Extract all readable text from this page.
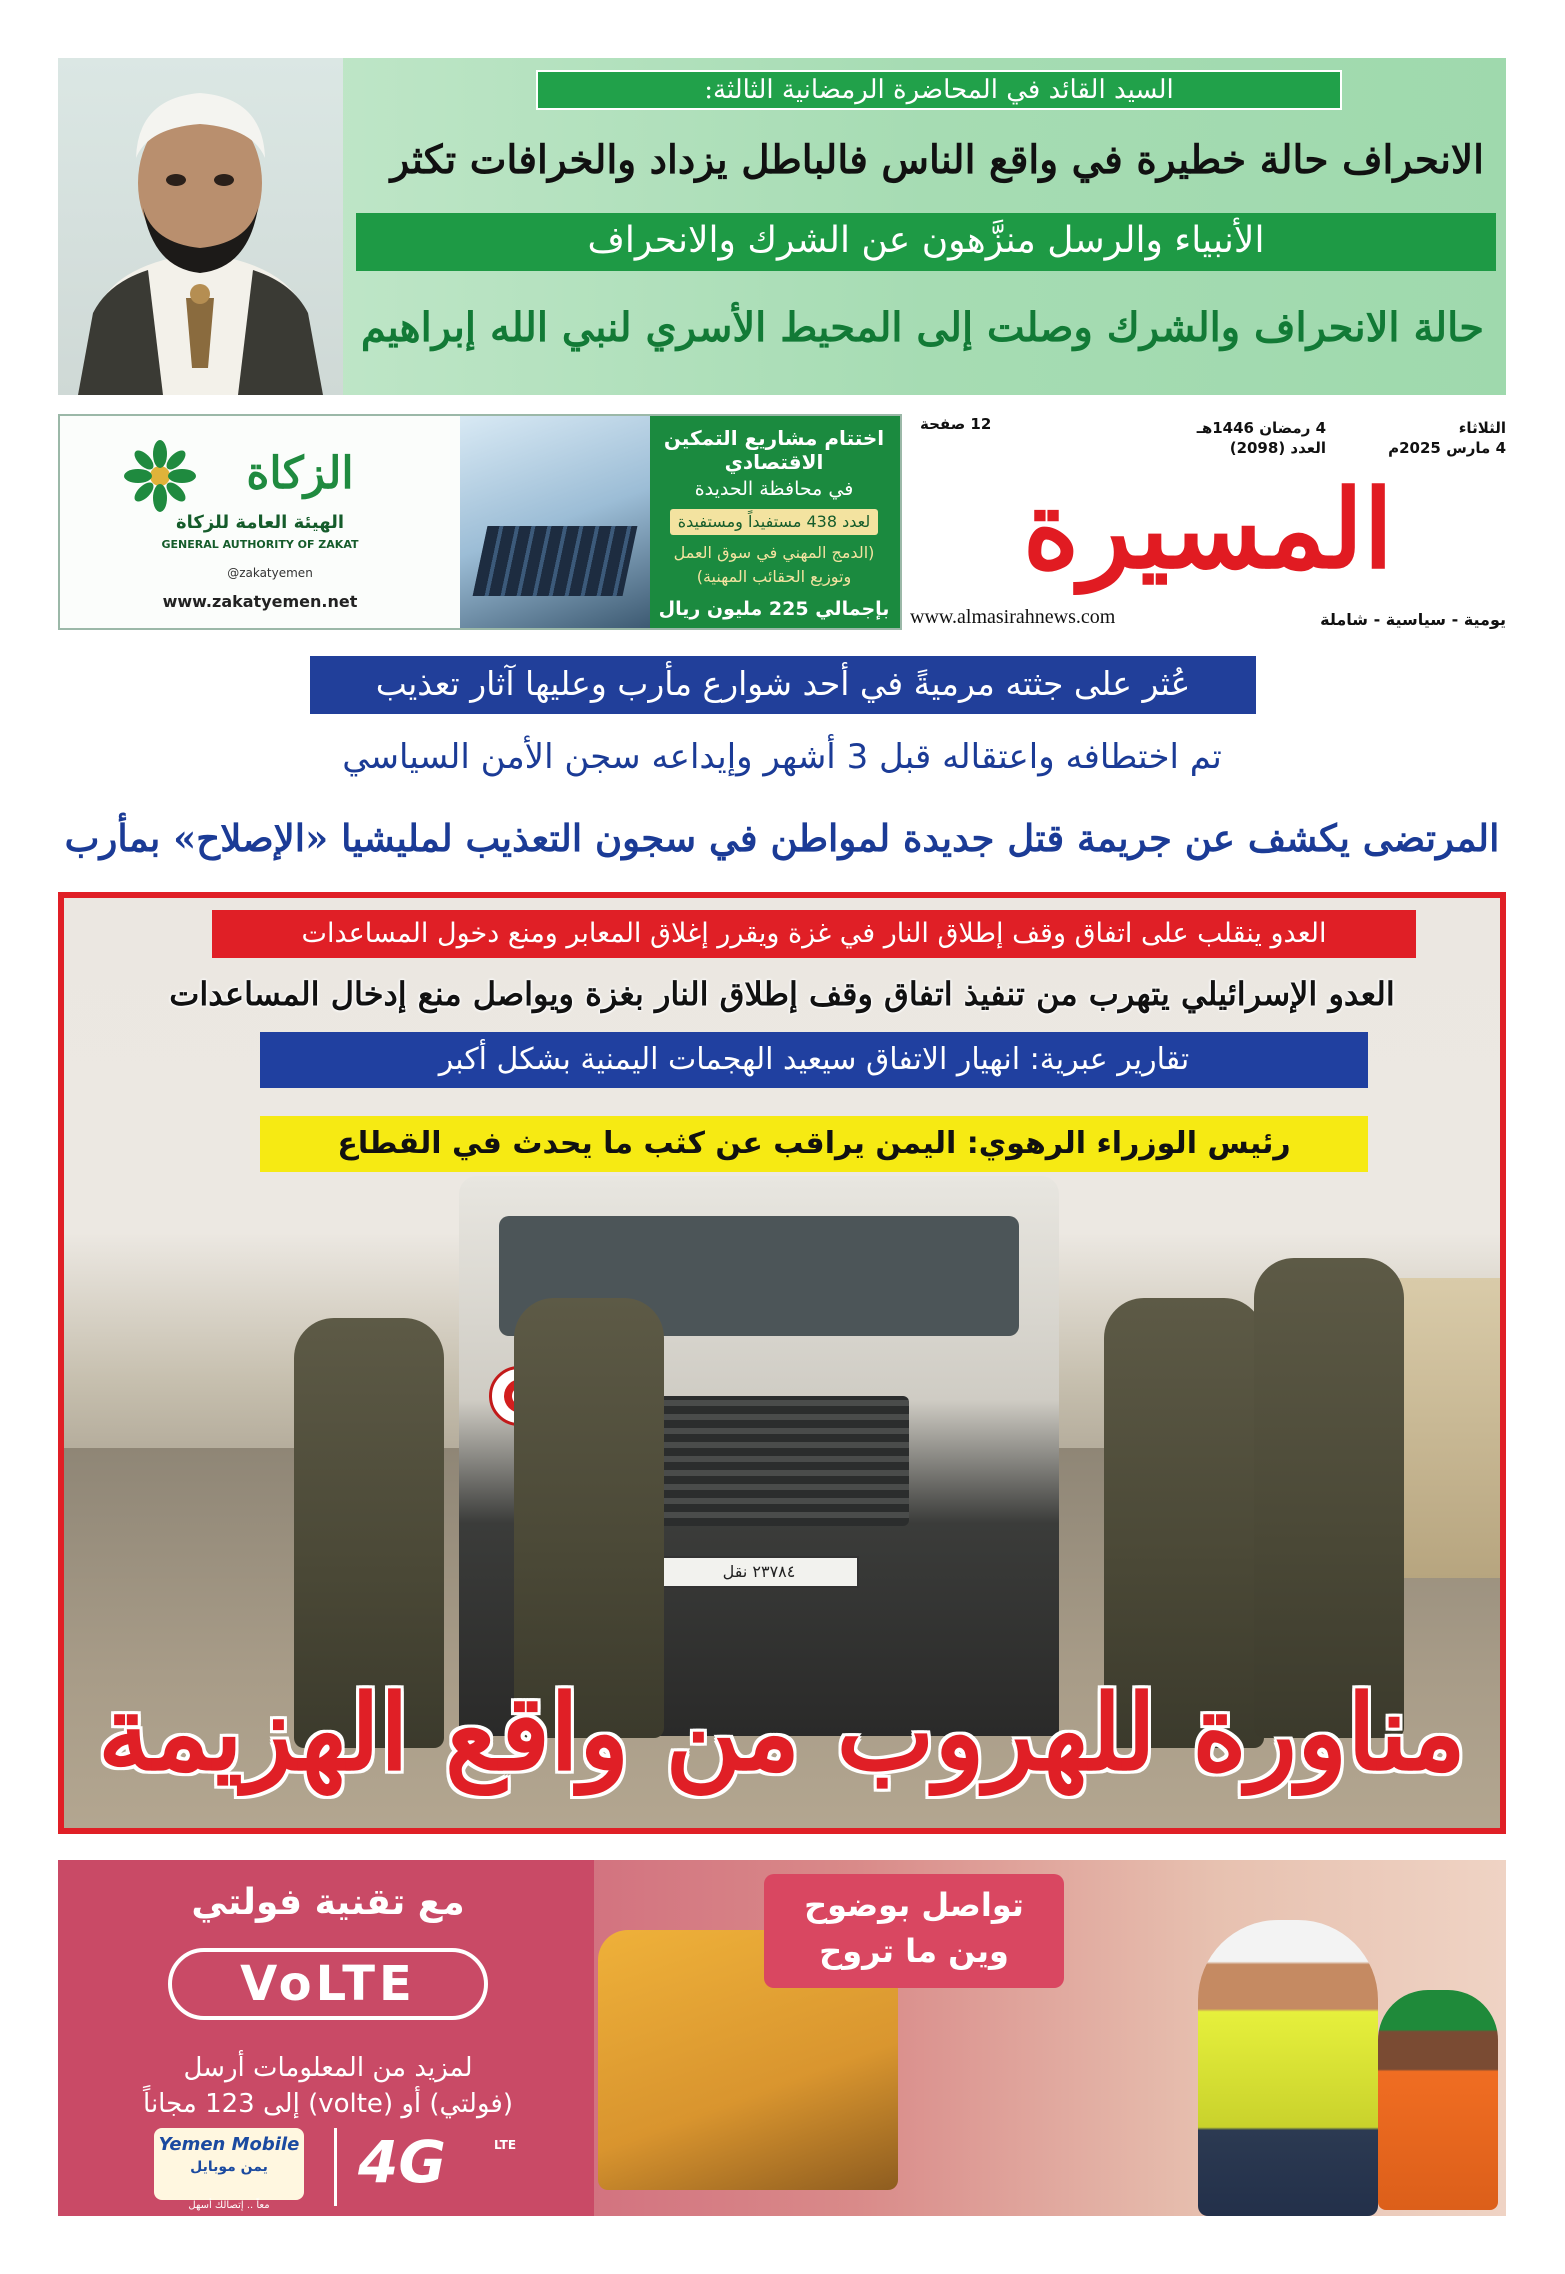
السيد القائد في المحاضرة الرمضانية الثالثة:
الانحراف حالة خطيرة في واقع الناس فالباطل يزداد والخرافات تكثر
الأنبياء والرسل منزَّهون عن الشرك والانحراف
حالة الانحراف والشرك وصلت إلى المحيط الأسري لنبي الله إبراهيم
الزكاة
الهيئة العامة للزكاة
GENERAL AUTHORITY OF ZAKAT
@zakatyemen
www.zakatyemen.net
اختتام مشاريع التمكين الاقتصادي
في محافظة الحديدة
لعدد 438 مستفيداً ومستفيدة
(الدمج المهني في سوق العمل
وتوزيع الحقائب المهنية)
بإجمالي 225 مليون ريال
الثلاثاء
4 مارس 2025م
4 رمضان 1446هـ
العدد (2098)
12 صفحة
المسيرة
www.almasirahnews.com	يومية - سياسية - شاملة
عُثر على جثته مرميةً في أحد شوارع مأرب وعليها آثار تعذيب
تم اختطافه واعتقاله قبل 3 أشهر وإيداعه سجن الأمن السياسي
المرتضى يكشف عن جريمة قتل جديدة لمواطن في سجون التعذيب لمليشيا «الإصلاح» بمأرب
٢٣٧٨٤ نقل
العدو ينقلب على اتفاق وقف إطلاق النار في غزة ويقرر إغلاق المعابر ومنع دخول المساعدات
العدو الإسرائيلي يتهرب من تنفيذ اتفاق وقف إطلاق النار بغزة ويواصل منع إدخال المساعدات
تقارير عبرية: انهيار الاتفاق سيعيد الهجمات اليمنية بشكل أكبر
رئيس الوزراء الرهوي: اليمن يراقب عن كثب ما يحدث في القطاع
مناورة للهروب من واقع الهزيمة
مع تقنية فولتي
VoLTE
لمزيد من المعلومات أرسل
(فولتي) أو (volte) إلى 123 مجاناً
Yemen Mobile
يمن موبايل
معاً .. إتصالك أسهل
4G	LTE
تواصل بوضوح
وين ما تروح
